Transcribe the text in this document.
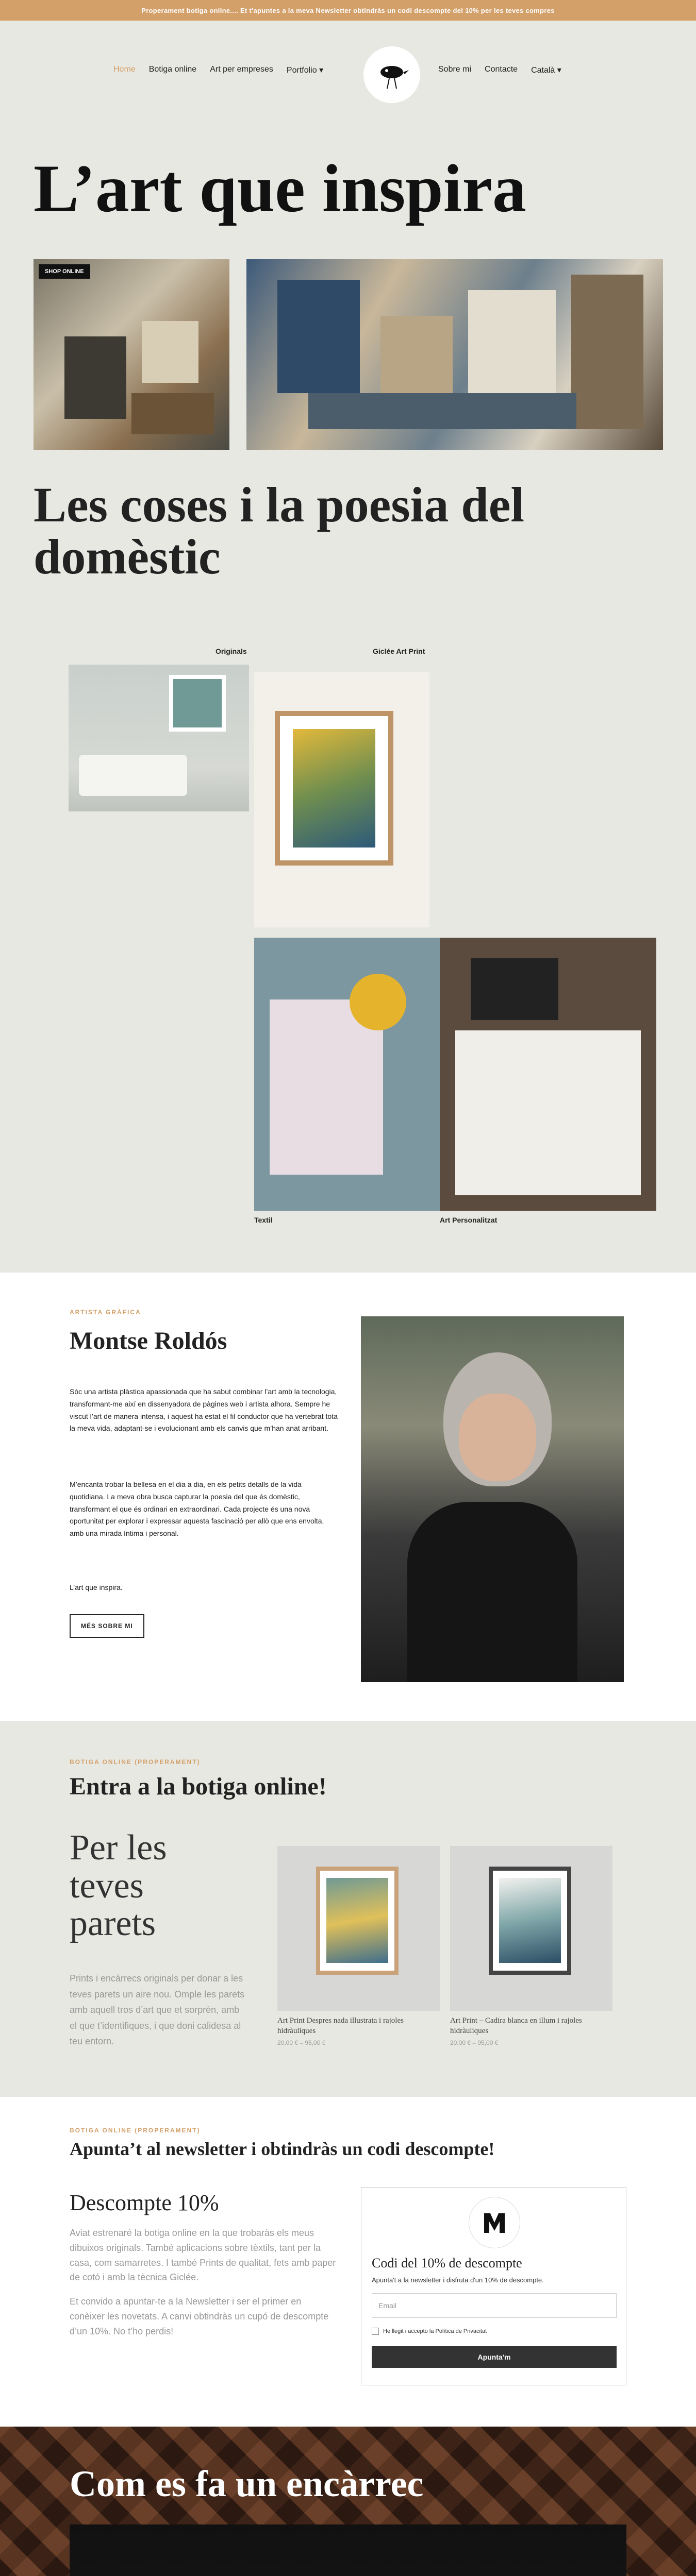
Properament botiga online.... Et t'apuntes a la meva Newsletter obtindràs un codi descompte del 10% per les teves compres
Home Botiga online Art per empreses Portfolio ▾	Sobre mi Contacte Català ▾
L’art que inspira
SHOP ONLINE
Les coses i la poesia del domèstic
Originals	Giclée Art Print
Textil	Art Personalitzat
ARTISTA GRÀFICA
Montse Roldós

Sóc una artista plàstica apassionada que ha sabut combinar l’art amb la tecnologia, transformant-me així en dissenyadora de pàgines web i artista alhora. Sempre he viscut l’art de manera intensa, i aquest ha estat el fil conductor que ha vertebrat tota la meva vida, adaptant-se i evolucionant amb els canvis que m’han anat arribant.

M’encanta trobar la bellesa en el dia a dia, en els petits detalls de la vida quotidiana. La meva obra busca capturar la poesia del que és domèstic, transformant el que és ordinari en extraordinari. Cada projecte és una nova oportunitat per explorar i expressar aquesta fascinació per allò que ens envolta, amb una mirada íntima i personal.

L’art que inspira.

MÉS SOBRE MI
BOTIGA ONLINE (PROPERAMENT)
Entra a la botiga online!
Per les teves parets

Prints i encàrrecs originals per donar a les teves parets un aire nou. Omple les parets amb aquell tros d’art que et sorprèn, amb el que t’identifiques, i que doni calidesa al teu entorn.

Art Print Despres nada illustrata i rajoles hidràuliques
20,00 € – 95,00 €
Art Print – Cadira blanca en illum i rajoles hidràuliques
20,00 € – 95,00 €
BOTIGA ONLINE (PROPERAMENT)
Apunta’t al newsletter i obtindràs un codi descompte!
Descompte 10%

Aviat estrenaré la botiga online en la que trobaràs els meus dibuixos originals. També aplicacions sobre tèxtils, tant per la casa, com samarretes. I també Prints de qualitat, fets amb paper de cotó i amb la tècnica Giclée.

Et convido a apuntar-te a la Newsletter i ser el primer en conèixer les novetats. A canvi obtindràs un cupó de descompte d’un 10%. No t’ho perdis!

Codi del 10% de descompte
Apunta't a la newsletter i disfruta d'un 10% de descompte.
Email
He llegit i accepto la Política de Privacitat
Apunta'm
Com es fa un encàrrec
